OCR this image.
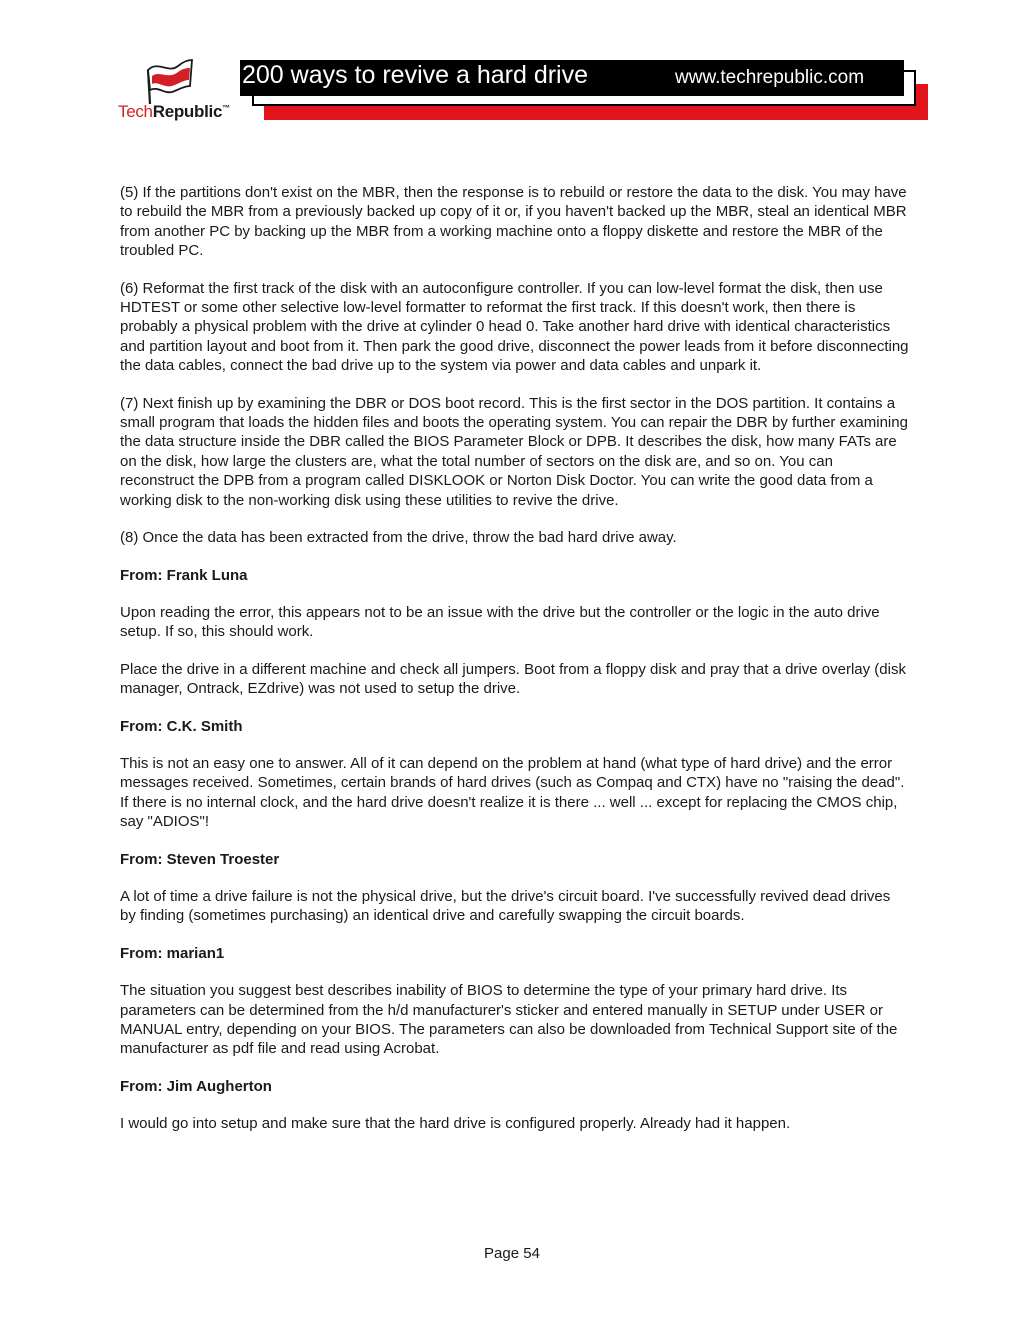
TechRepublic™
200 ways to revive a hard drive	www.techrepublic.com

(5) If the partitions don't exist on the MBR, then the response is to rebuild or restore the data to the disk. You may have to rebuild the MBR from a previously backed up copy of it or, if you haven't backed up the MBR, steal an identical MBR from another PC by backing up the MBR from a working machine onto a floppy diskette and restore the MBR of the troubled PC.

(6) Reformat the first track of the disk with an autoconfigure controller. If you can low-level format the disk, then use HDTEST or some other selective low-level formatter to reformat the first track. If this doesn't work, then there is probably a physical problem with the drive at cylinder 0 head 0. Take another hard drive with identical characteristics and partition layout and boot from it. Then park the good drive, disconnect the power leads from it before disconnecting the data cables, connect the bad drive up to the system via power and data cables and unpark it.

(7) Next finish up by examining the DBR or DOS boot record. This is the first sector in the DOS partition. It contains a small program that loads the hidden files and boots the operating system. You can repair the DBR by further examining the data structure inside the DBR called the BIOS Parameter Block or DPB. It describes the disk, how many FATs are on the disk, how large the clusters are, what the total number of sectors on the disk are, and so on. You can reconstruct the DPB from a program called DISKLOOK or Norton Disk Doctor. You can write the good data from a working disk to the non-working disk using these utilities to revive the drive.

(8) Once the data has been extracted from the drive, throw the bad hard drive away.

From: Frank Luna

Upon reading the error, this appears not to be an issue with the drive but the controller or the logic in the auto drive setup. If so, this should work.

Place the drive in a different machine and check all jumpers. Boot from a floppy disk and pray that a drive overlay (disk manager, Ontrack, EZdrive) was not used to setup the drive.

From: C.K. Smith

This is not an easy one to answer. All of it can depend on the problem at hand (what type of hard drive) and the error messages received. Sometimes, certain brands of hard drives (such as Compaq and CTX) have no "raising the dead". If there is no internal clock, and the hard drive doesn't realize it is there ... well ... except for replacing the CMOS chip, say "ADIOS"!

From: Steven Troester

A lot of time a drive failure is not the physical drive, but the drive's circuit board. I've successfully revived dead drives by finding (sometimes purchasing) an identical drive and carefully swapping the circuit boards.

From: marian1

The situation you suggest best describes inability of BIOS to determine the type of your primary hard drive. Its parameters can be determined from the h/d manufacturer's sticker and entered manually in SETUP under USER or MANUAL entry, depending on your BIOS. The parameters can also be downloaded from Technical Support site of the manufacturer as pdf file and read using Acrobat.

From: Jim Augherton

I would go into setup and make sure that the hard drive is configured properly. Already had it happen.

Page 54
